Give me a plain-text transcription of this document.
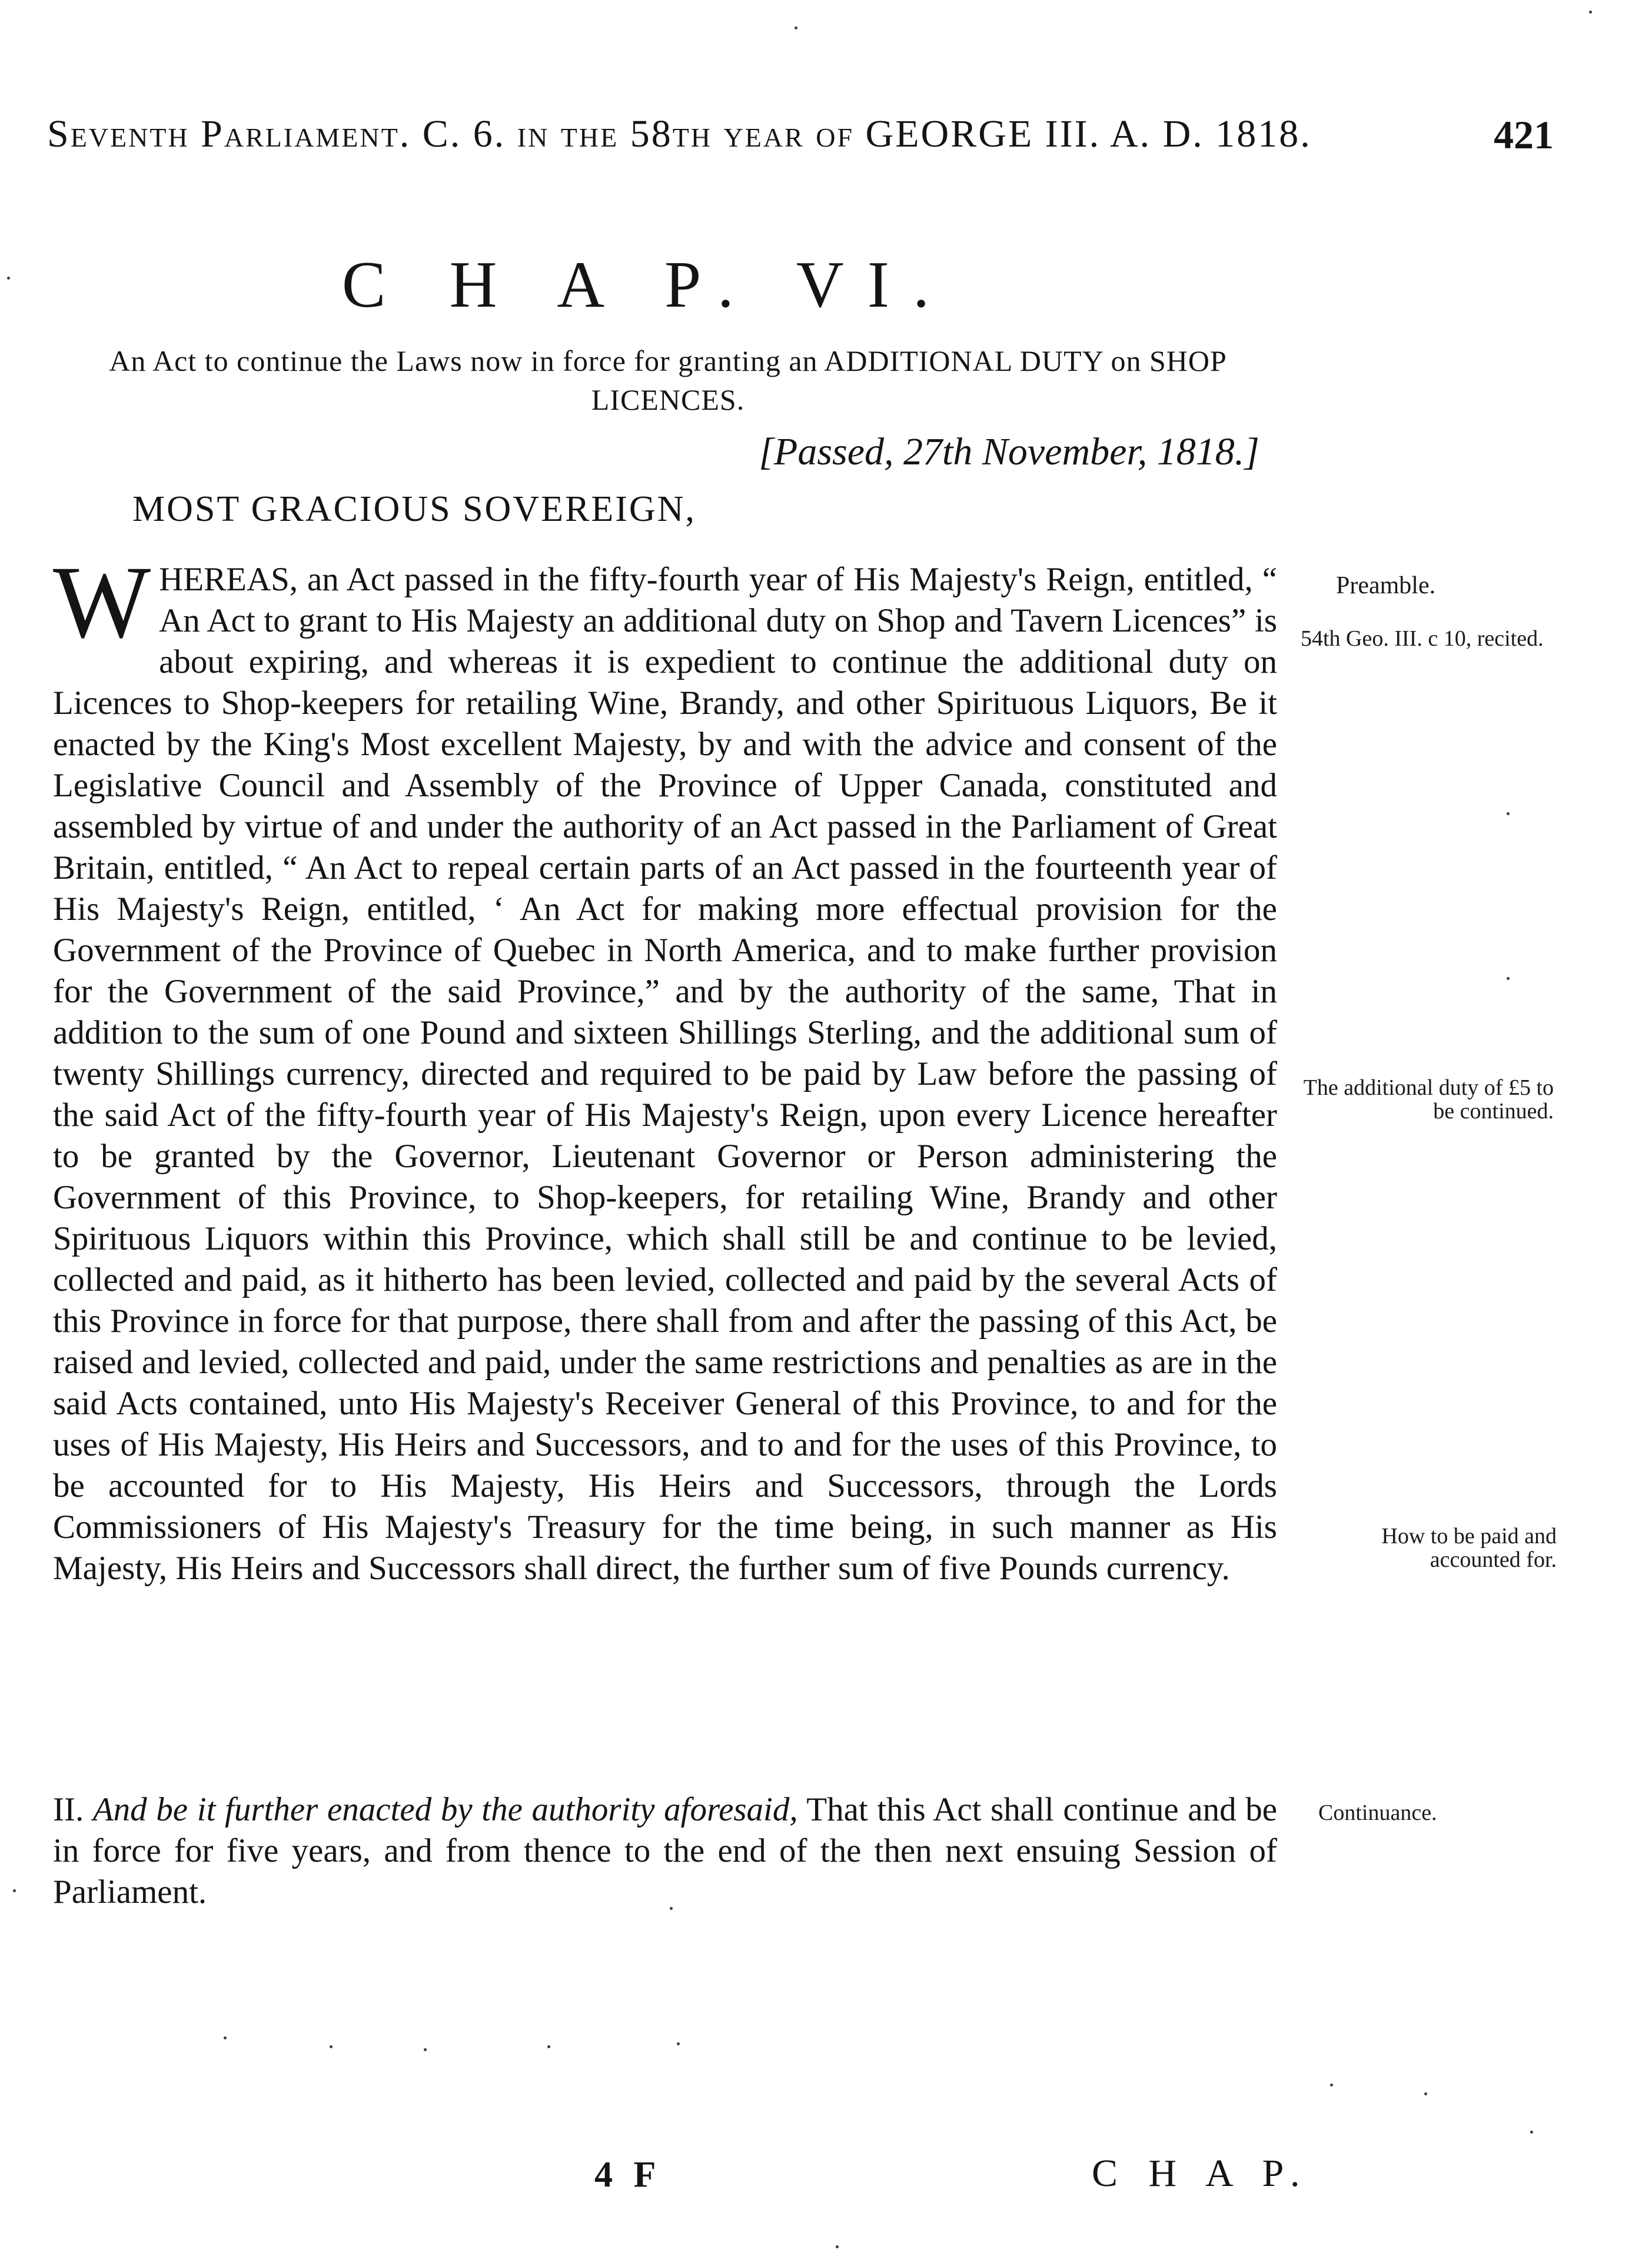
Seventh Parliament. C. 6. in the 58th year of GEORGE III. A. D. 1818.	421
C H A P. VI.
An Act to continue the Laws now in force for granting an ADDITIONAL DUTY on SHOP LICENCES.
[Passed, 27th November, 1818.]
MOST GRACIOUS SOVEREIGN,

WHEREAS, an Act passed in the fifty-fourth year of His Majesty's Reign, entitled, “ An Act to grant to His Majesty an additional duty on Shop and Tavern Licences” is about expiring, and whereas it is expedient to continue the additional duty on Licences to Shop-keepers for retailing Wine, Brandy, and other Spirituous Liquors, Be it enacted by the King's Most excellent Majesty, by and with the advice and consent of the Legislative Council and Assembly of the Province of Upper Canada, constituted and assembled by virtue of and under the authority of an Act passed in the Parliament of Great Britain, entitled, “ An Act to repeal certain parts of an Act passed in the fourteenth year of His Majesty's Reign, entitled, ‘ An Act for making more effectual provision for the Government of the Province of Quebec in North America, and to make further provision for the Government of the said Province,” and by the authority of the same, That in addition to the sum of one Pound and sixteen Shillings Sterling, and the additional sum of twenty Shillings currency, directed and required to be paid by Law before the passing of the said Act of the fifty-fourth year of His Majesty's Reign, upon every Licence hereafter to be granted by the Governor, Lieutenant Governor or Person administering the Government of this Province, to Shop-keepers, for retailing Wine, Brandy and other Spirituous Liquors within this Province, which shall still be and continue to be levied, collected and paid, as it hitherto has been levied, collected and paid by the several Acts of this Province in force for that purpose, there shall from and after the passing of this Act, be raised and levied, collected and paid, under the same restrictions and penalties as are in the said Acts contained, unto His Majesty's Receiver General of this Province, to and for the uses of His Majesty, His Heirs and Successors, and to and for the uses of this Province, to be accounted for to His Majesty, His Heirs and Successors, through the Lords Commissioners of His Majesty's Treasury for the time being, in such manner as His Majesty, His Heirs and Successors shall direct, the further sum of five Pounds currency.

II. And be it further enacted by the authority aforesaid, That this Act shall continue and be in force for five years, and from thence to the end of the then next ensuing Session of Parliament.

Preamble.
54th Geo. III. c 10, recited.
The additional duty of £5 to be continued.
How to be paid and accounted for.
Continuance.
4 F	C H A P.
